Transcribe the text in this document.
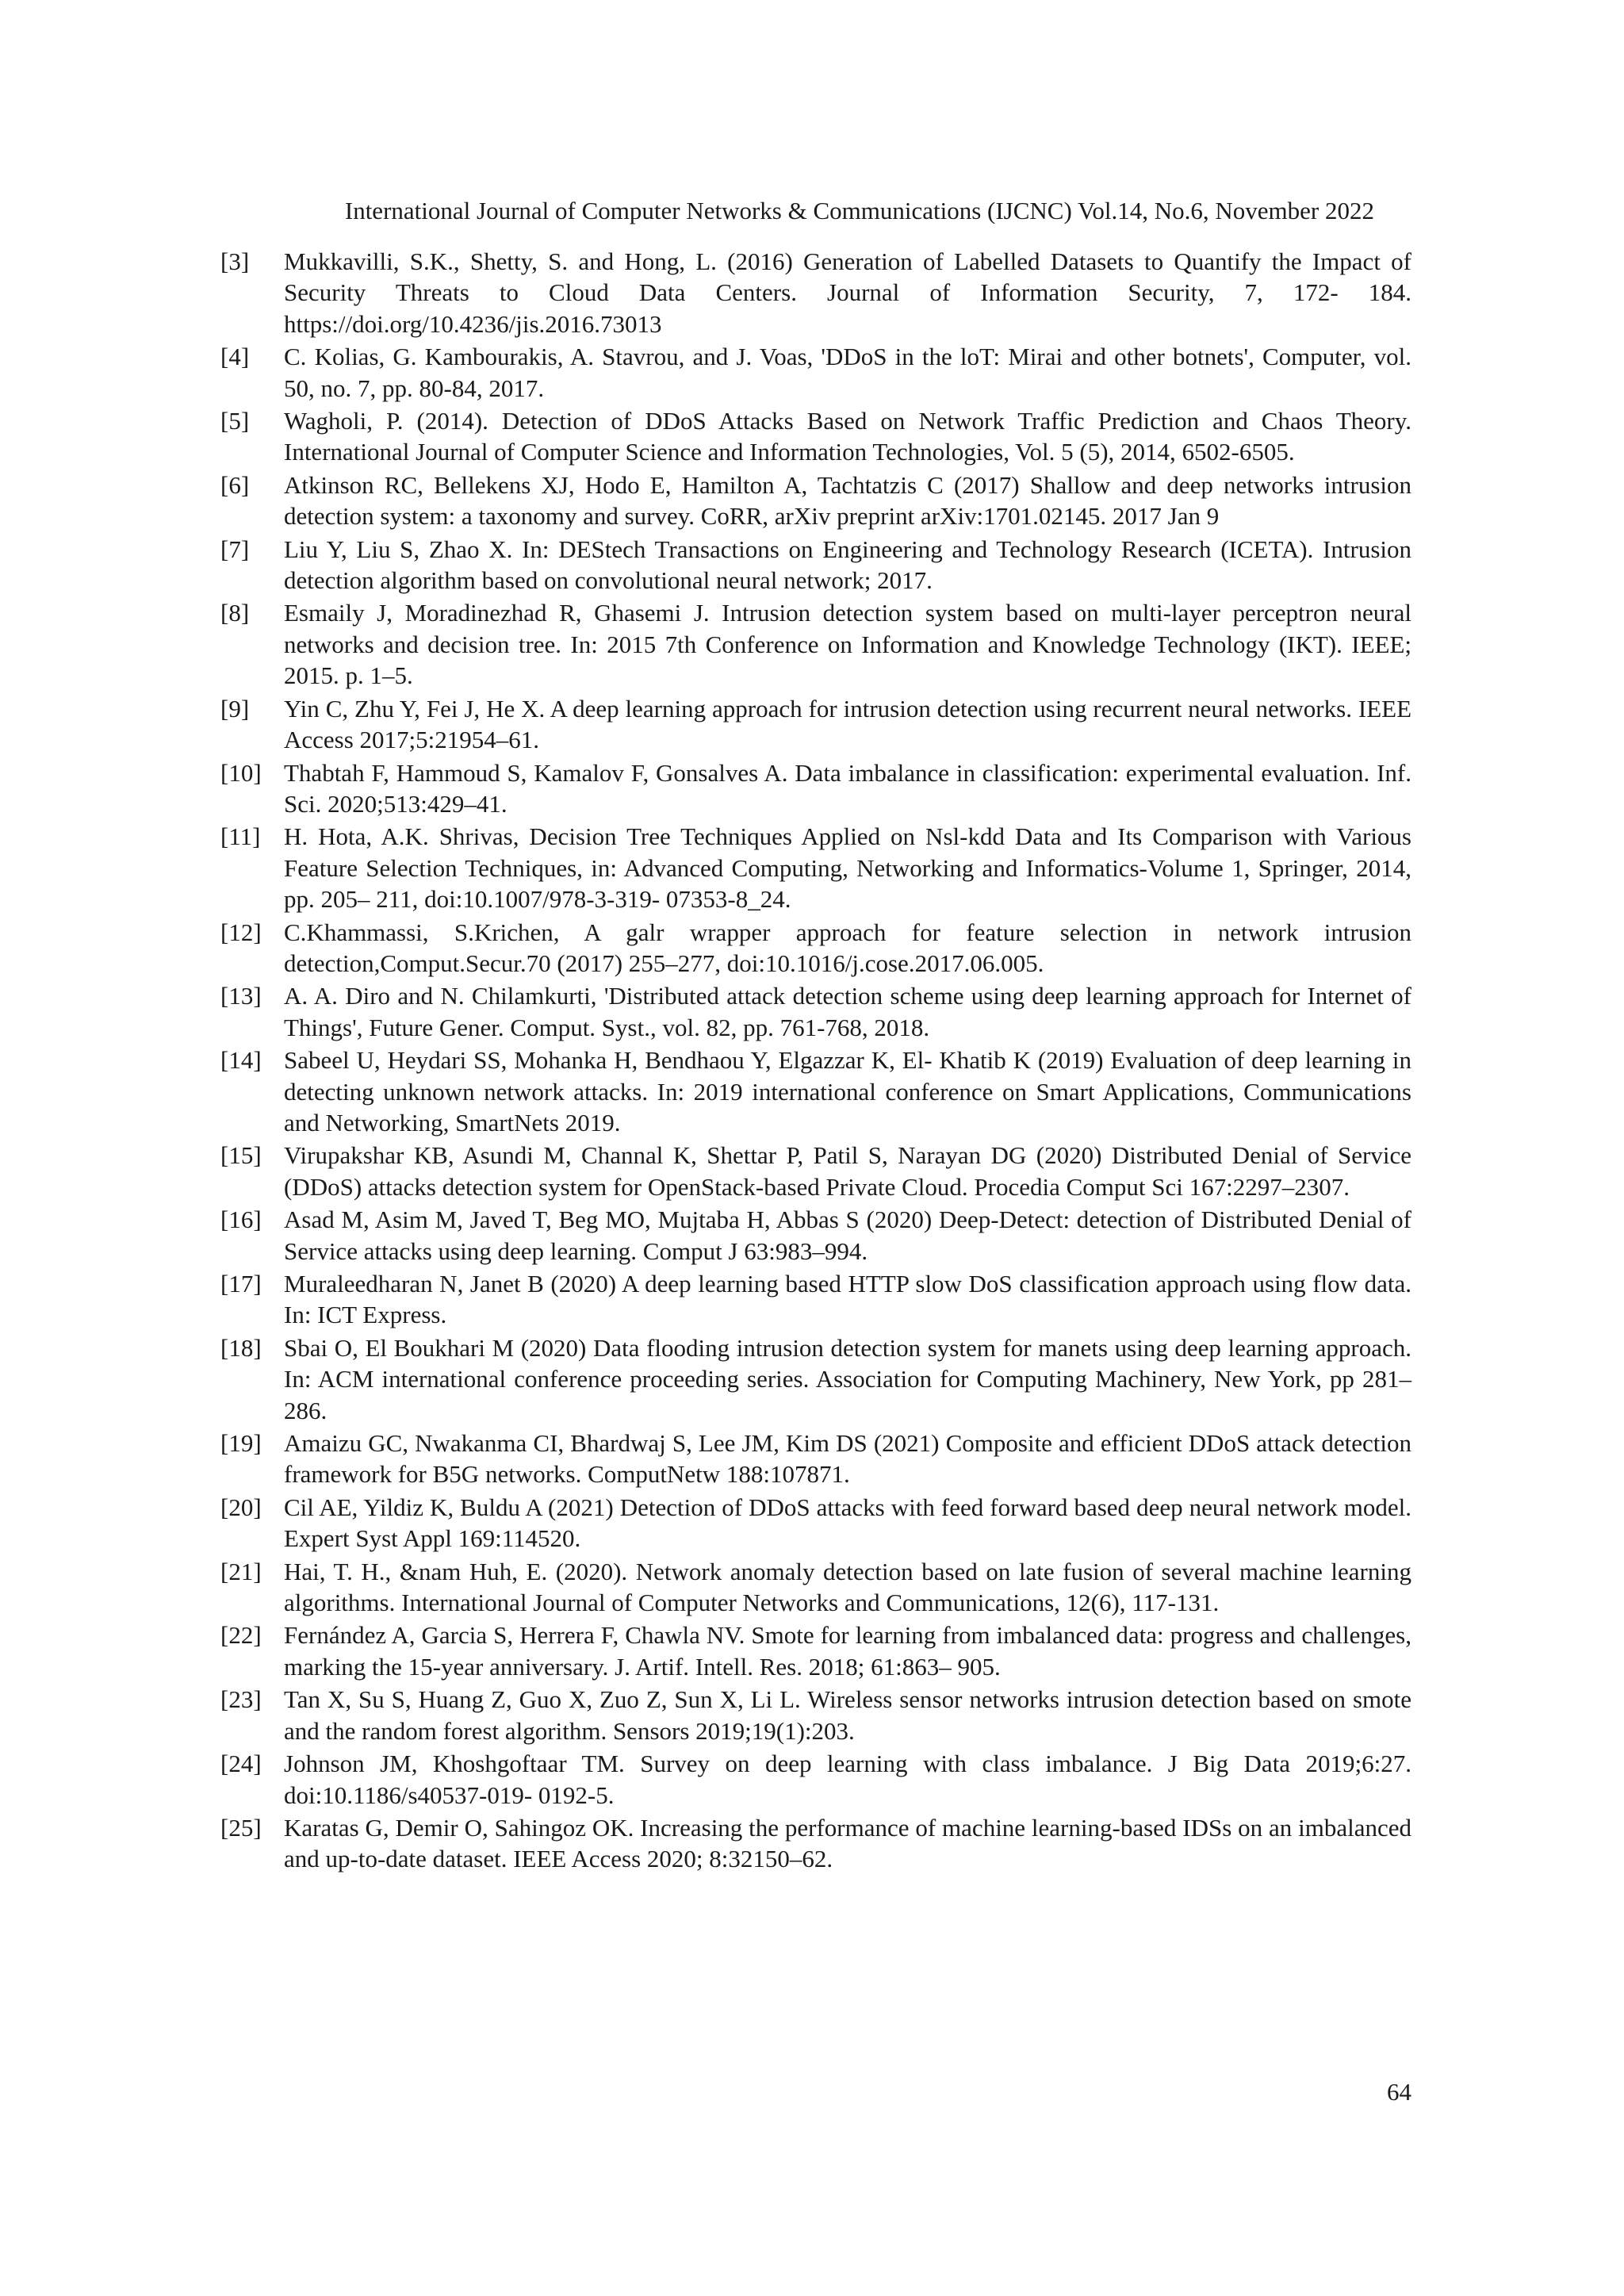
International Journal of Computer Networks & Communications (IJCNC) Vol.14, No.6, November 2022
[3]	Mukkavilli, S.K., Shetty, S. and Hong, L. (2016) Generation of Labelled Datasets to Quantify the Impact of Security Threats to Cloud Data Centers. Journal of Information Security, 7, 172- 184. https://doi.org/10.4236/jis.2016.73013
[4]	C. Kolias, G. Kambourakis, A. Stavrou, and J. Voas, 'DDoS in the loT: Mirai and other botnets', Computer, vol. 50, no. 7, pp. 80-84, 2017.
[5]	Wagholi, P. (2014). Detection of DDoS Attacks Based on Network Traffic Prediction and Chaos Theory. International Journal of Computer Science and Information Technologies, Vol. 5 (5), 2014, 6502-6505.
[6]	Atkinson RC, Bellekens XJ, Hodo E, Hamilton A, Tachtatzis C (2017) Shallow and deep networks intrusion detection system: a taxonomy and survey. CoRR, arXiv preprint arXiv:1701.02145. 2017 Jan 9
[7]	Liu Y, Liu S, Zhao X. In: DEStech Transactions on Engineering and Technology Research (ICETA). Intrusion detection algorithm based on convolutional neural network; 2017.
[8]	Esmaily J, Moradinezhad R, Ghasemi J. Intrusion detection system based on multi-layer perceptron neural networks and decision tree. In: 2015 7th Conference on Information and Knowledge Technology (IKT). IEEE; 2015. p. 1–5.
[9]	Yin C, Zhu Y, Fei J, He X. A deep learning approach for intrusion detection using recurrent neural networks. IEEE Access 2017;5:21954–61.
[10] Thabtah F, Hammoud S, Kamalov F, Gonsalves A. Data imbalance in classification: experimental evaluation. Inf. Sci. 2020;513:429–41.
[11] H. Hota, A.K. Shrivas, Decision Tree Techniques Applied on Nsl-kdd Data and Its Comparison with Various Feature Selection Techniques, in: Advanced Computing, Networking and Informatics-Volume 1, Springer, 2014, pp. 205– 211, doi:10.1007/978-3-319- 07353-8_24.
[12] C.Khammassi, S.Krichen, A galr wrapper approach for feature selection in network intrusion detection,Comput.Secur.70 (2017) 255–277, doi:10.1016/j.cose.2017.06.005.
[13] A. A. Diro and N. Chilamkurti, 'Distributed attack detection scheme using deep learning approach for Internet of Things', Future Gener. Comput. Syst., vol. 82, pp. 761-768, 2018.
[14] Sabeel U, Heydari SS, Mohanka H, Bendhaou Y, Elgazzar K, El- Khatib K (2019) Evaluation of deep learning in detecting unknown network attacks. In: 2019 international conference on Smart Applications, Communications and Networking, SmartNets 2019.
[15] Virupakshar KB, Asundi M, Channal K, Shettar P, Patil S, Narayan DG (2020) Distributed Denial of Service (DDoS) attacks detection system for OpenStack-based Private Cloud. Procedia Comput Sci 167:2297–2307.
[16] Asad M, Asim M, Javed T, Beg MO, Mujtaba H, Abbas S (2020) Deep-Detect: detection of Distributed Denial of Service attacks using deep learning. Comput J 63:983–994.
[17] Muraleedharan N, Janet B (2020) A deep learning based HTTP slow DoS classification approach using flow data. In: ICT Express.
[18] Sbai O, El Boukhari M (2020) Data flooding intrusion detection system for manets using deep learning approach. In: ACM international conference proceeding series. Association for Computing Machinery, New York, pp 281–286.
[19] Amaizu GC, Nwakanma CI, Bhardwaj S, Lee JM, Kim DS (2021) Composite and efficient DDoS attack detection framework for B5G networks. ComputNetw 188:107871.
[20] Cil AE, Yildiz K, Buldu A (2021) Detection of DDoS attacks with feed forward based deep neural network model. Expert Syst Appl 169:114520.
[21] Hai, T. H., &nam Huh, E. (2020). Network anomaly detection based on late fusion of several machine learning algorithms. International Journal of Computer Networks and Communications, 12(6), 117-131.
[22] Fernández A, Garcia S, Herrera F, Chawla NV. Smote for learning from imbalanced data: progress and challenges, marking the 15-year anniversary. J. Artif. Intell. Res. 2018; 61:863– 905.
[23] Tan X, Su S, Huang Z, Guo X, Zuo Z, Sun X, Li L. Wireless sensor networks intrusion detection based on smote and the random forest algorithm. Sensors 2019;19(1):203.
[24] Johnson JM, Khoshgoftaar TM. Survey on deep learning with class imbalance. J Big Data 2019;6:27. doi:10.1186/s40537-019- 0192-5.
[25] Karatas G, Demir O, Sahingoz OK. Increasing the performance of machine learning-based IDSs on an imbalanced and up-to-date dataset. IEEE Access 2020; 8:32150–62.
64
